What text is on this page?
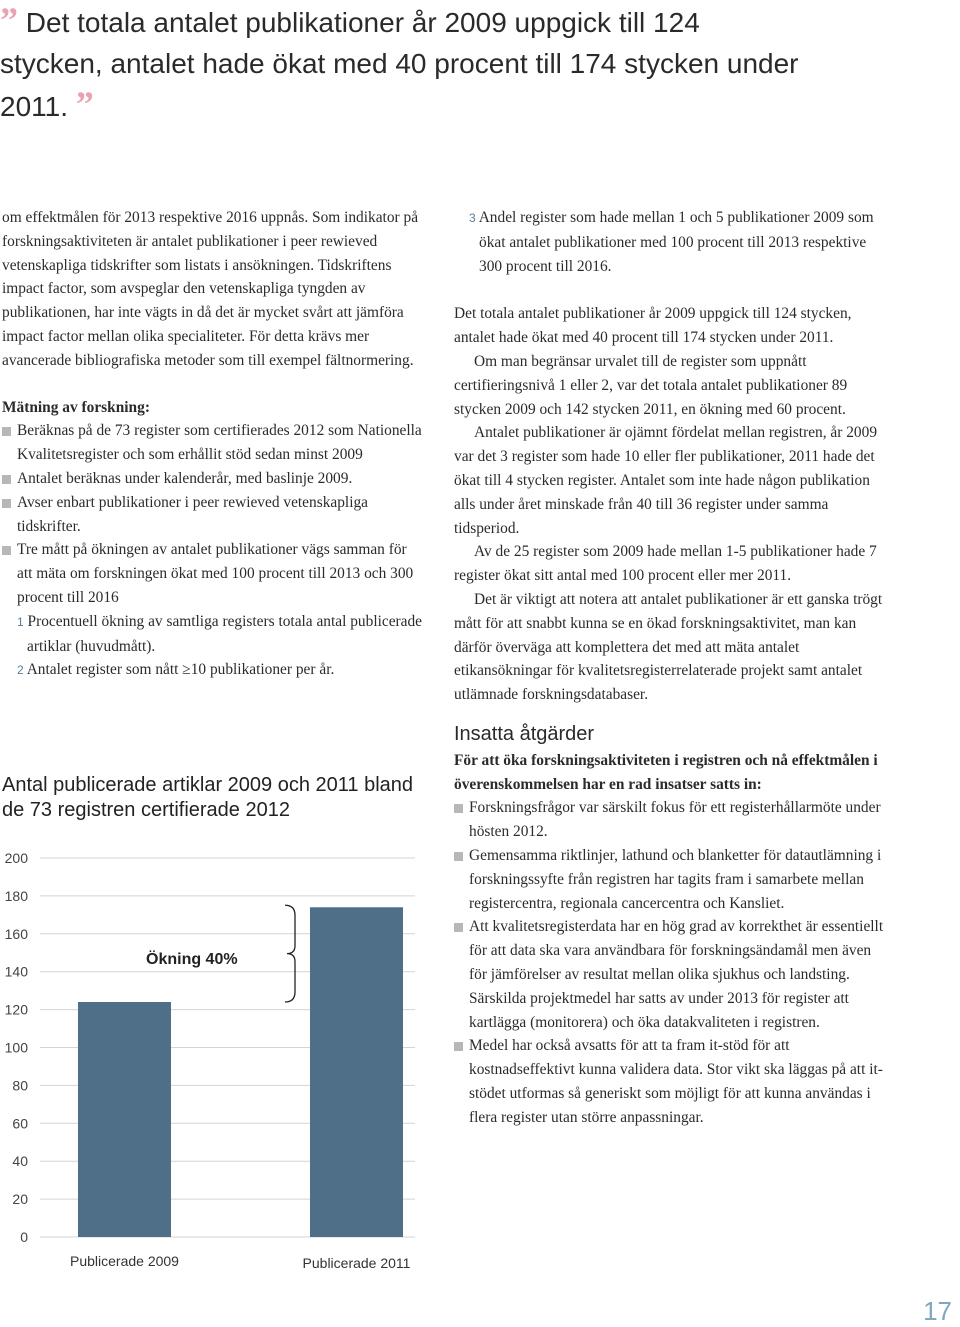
” Det totala antalet publikationer år 2009 uppgick till 124 stycken, antalet hade ökat med 40 procent till 174 stycken under 2011. ”

om effektmålen för 2013 respektive 2016 uppnås. Som indikator på forskningsaktiviteten är antalet publikationer i peer rewieved vetenskapliga tidskrifter som listats i ansökningen. Tidskriftens impact factor, som avspeglar den vetenskapliga tyngden av publikationen, har inte vägts in då det är mycket svårt att jämföra impact factor mellan olika specialiteter. För detta krävs mer avancerade bibliografiska metoder som till exempel fältnormering.

Mätning av forskning:

Beräknas på de 73 register som certifierades 2012 som Nationella Kvalitetsregister och som erhållit stöd sedan minst 2009
Antalet beräknas under kalenderår, med baslinje 2009.
Avser enbart publikationer i peer rewieved vetenskapliga tidskrifter.
Tre mått på ökningen av antalet publikationer vägs samman för att mäta om forskningen ökat med 100 procent till 2013 och 300 procent till 2016
1 Procentuell ökning av samtliga registers totala antal publicerade artiklar (huvudmått).
2 Antalet register som nått ≥10 publikationer per år.
Antal publicerade artiklar 2009 och 2011 bland de 73 registren certifierade 2012
0
20
40
60
80
100
120
140
160
180
200
Publicerade 2009	Publicerade 2011
Ökning 40%
3 Andel register som hade mellan 1 och 5 publikationer 2009 som ökat antalet publikationer med 100 procent till 2013 respektive 300 procent till 2016.

Det totala antalet publikationer år 2009 uppgick till 124 stycken, antalet hade ökat med 40 procent till 174 stycken under 2011.

Om man begränsar urvalet till de register som uppnått certifieringsnivå 1 eller 2, var det totala antalet publikationer 89 stycken 2009 och 142 stycken 2011, en ökning med 60 procent.

Antalet publikationer är ojämnt fördelat mellan registren, år 2009 var det 3 register som hade 10 eller fler publikationer, 2011 hade det ökat till 4 stycken register. Antalet som inte hade någon publikation alls under året minskade från 40 till 36 register under samma tidsperiod.

Av de 25 register som 2009 hade mellan 1-5 publikationer hade 7 register ökat sitt antal med 100 procent eller mer 2011.

Det är viktigt att notera att antalet publikationer är ett ganska trögt mått för att snabbt kunna se en ökad forskningsaktivitet, man kan därför överväga att komplettera det med att mäta antalet etikansökningar för kvalitetsregisterrelaterade projekt samt antalet utlämnade forskningsdatabaser.

Insatta åtgärder

För att öka forskningsaktiviteten i registren och nå effektmålen i överenskommelsen har en rad insatser satts in:

Forskningsfrågor var särskilt fokus för ett registerhållarmöte under hösten 2012.
Gemensamma riktlinjer, lathund och blanketter för datautlämning i forskningssyfte från registren har tagits fram i samarbete mellan registercentra, regionala cancercentra och Kansliet.
Att kvalitetsregisterdata har en hög grad av korrekthet är essentiellt för att data ska vara användbara för forskningsändamål men även för jämförelser av resultat mellan olika sjukhus och landsting. Särskilda projektmedel har satts av under 2013 för register att kartlägga (monitorera) och öka datakvaliteten i registren.
Medel har också avsatts för att ta fram it-stöd för att kostnadseffektivt kunna validera data. Stor vikt ska läggas på att it-stödet utformas så generiskt som möjligt för att kunna användas i flera register utan större anpassningar.
17
